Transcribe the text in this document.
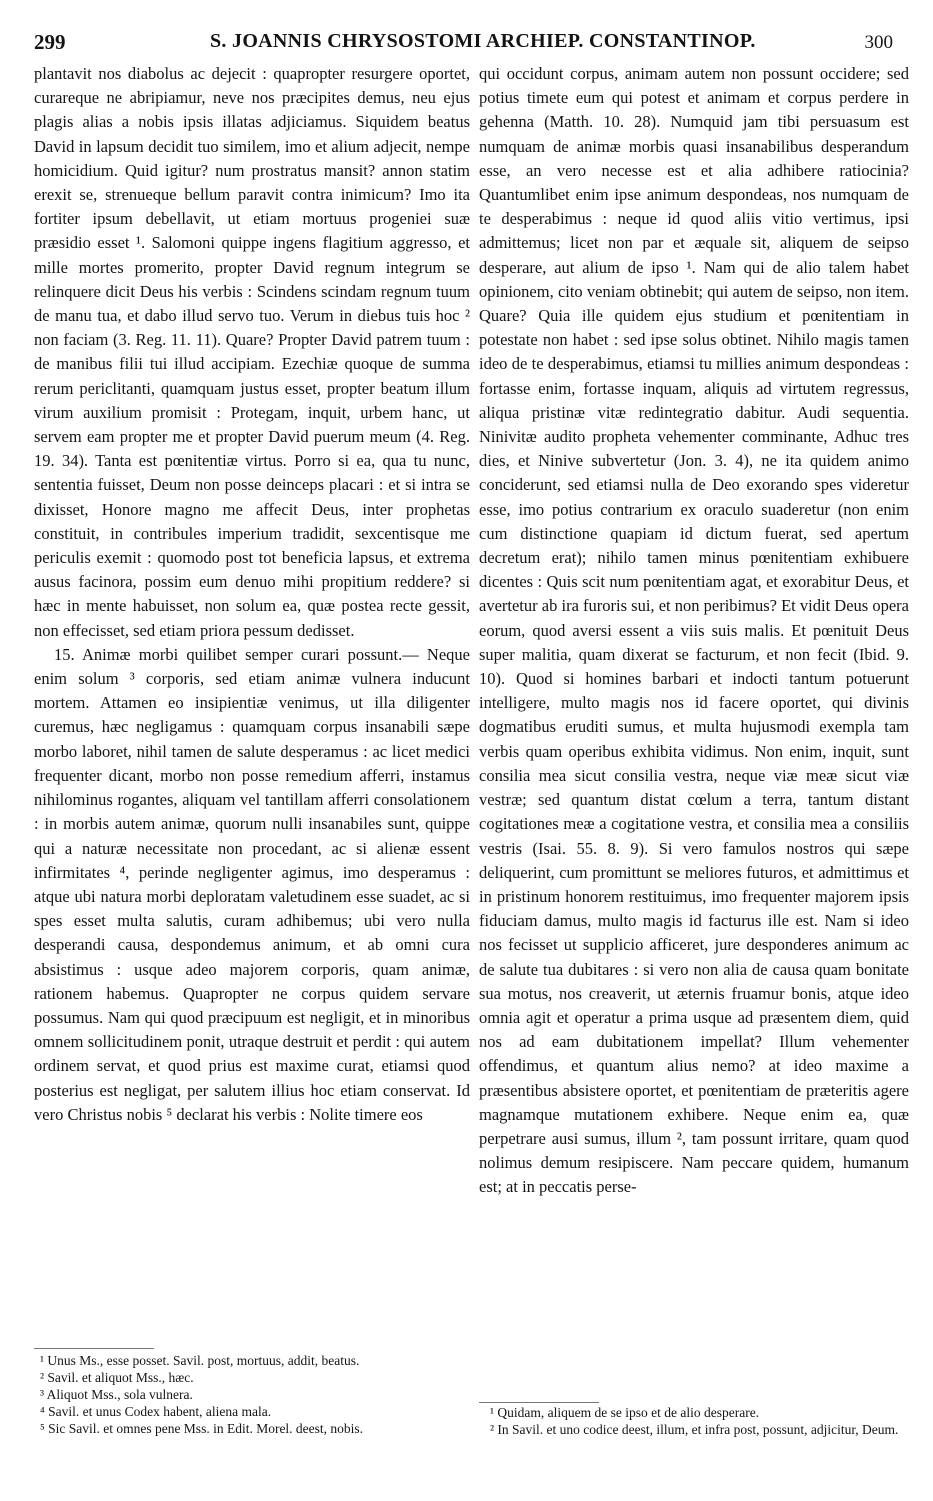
299	S. JOANNIS CHRYSOSTOMI ARCHIEP. CONSTANTINOP.	300

plantavit nos diabolus ac dejecit : quapropter resurgere oportet, curareque ne abripiamur, neve nos præcipites demus, neu ejus plagis alias a nobis ipsis illatas adjiciamus. Siquidem beatus David in lapsum decidit tuo similem, imo et alium adjecit, nempe homicidium. Quid igitur? num prostratus mansit? annon statim erexit se, strenueque bellum paravit contra inimicum? Imo ita fortiter ipsum debellavit, ut etiam mortuus progeniei suæ præsidio esset ¹. Salomoni quippe ingens flagitium aggresso, et mille mortes promerito, propter David regnum integrum se relinquere dicit Deus his verbis : Scindens scindam regnum tuum de manu tua, et dabo illud servo tuo. Verum in diebus tuis hoc ² non faciam (3. Reg. 11. 11). Quare? Propter David patrem tuum : de manibus filii tui illud accipiam. Ezechiæ quoque de summa rerum periclitanti, quamquam justus esset, propter beatum illum virum auxilium promisit : Protegam, inquit, urbem hanc, ut servem eam propter me et propter David puerum meum (4. Reg. 19. 34). Tanta est pœnitentiæ virtus. Porro si ea, qua tu nunc, sententia fuisset, Deum non posse deinceps placari : et si intra se dixisset, Honore magno me affecit Deus, inter prophetas constituit, in contribules imperium tradidit, sexcentisque me periculis exemit : quomodo post tot beneficia lapsus, et extrema ausus facinora, possim eum denuo mihi propitium reddere? si hæc in mente habuisset, non solum ea, quæ postea recte gessit, non effecisset, sed etiam priora pessum dedisset.

15. Animæ morbi quilibet semper curari possunt.— Neque enim solum ³ corporis, sed etiam animæ vulnera inducunt mortem. Attamen eo insipientiæ venimus, ut illa diligenter curemus, hæc negligamus : quamquam corpus insanabili sæpe morbo laboret, nihil tamen de salute desperamus : ac licet medici frequenter dicant, morbo non posse remedium afferri, instamus nihilominus rogantes, aliquam vel tantillam afferri consolationem : in morbis autem animæ, quorum nulli insanabiles sunt, quippe qui a naturæ necessitate non procedant, ac si alienæ essent infirmitates ⁴, perinde negligenter agimus, imo desperamus : atque ubi natura morbi deploratam valetudinem esse suadet, ac si spes esset multa salutis, curam adhibemus; ubi vero nulla desperandi causa, despondemus animum, et ab omni cura absistimus : usque adeo majorem corporis, quam animæ, rationem habemus. Quapropter ne corpus quidem servare possumus. Nam qui quod præcipuum est negligit, et in minoribus omnem sollicitudinem ponit, utraque destruit et perdit : qui autem ordinem servat, et quod prius est maxime curat, etiamsi quod posterius est negligat, per salutem illius hoc etiam conservat. Id vero Christus nobis ⁵ declarat his verbis : Nolite timere eos

qui occidunt corpus, animam autem non possunt occidere; sed potius timete eum qui potest et animam et corpus perdere in gehenna (Matth. 10. 28). Numquid jam tibi persuasum est numquam de animæ morbis quasi insanabilibus desperandum esse, an vero necesse est et alia adhibere ratiocinia? Quantumlibet enim ipse animum despondeas, nos numquam de te desperabimus : neque id quod aliis vitio vertimus, ipsi admittemus; licet non par et æquale sit, aliquem de seipso desperare, aut alium de ipso ¹. Nam qui de alio talem habet opinionem, cito veniam obtinebit; qui autem de seipso, non item. Quare? Quia ille quidem ejus studium et pœnitentiam in potestate non habet : sed ipse solus obtinet. Nihilo magis tamen ideo de te desperabimus, etiamsi tu millies animum despondeas : fortasse enim, fortasse inquam, aliquis ad virtutem regressus, aliqua pristinæ vitæ redintegratio dabitur. Audi sequentia. Ninivitæ audito propheta vehementer comminante, Adhuc tres dies, et Ninive subvertetur (Jon. 3. 4), ne ita quidem animo conciderunt, sed etiamsi nulla de Deo exorando spes videretur esse, imo potius contrarium ex oraculo suaderetur (non enim cum distinctione quapiam id dictum fuerat, sed apertum decretum erat); nihilo tamen minus pœnitentiam exhibuere dicentes : Quis scit num pœnitentiam agat, et exorabitur Deus, et avertetur ab ira furoris sui, et non peribimus? Et vidit Deus opera eorum, quod aversi essent a viis suis malis. Et pœnituit Deus super malitia, quam dixerat se facturum, et non fecit (Ibid. 9. 10). Quod si homines barbari et indocti tantum potuerunt intelligere, multo magis nos id facere oportet, qui divinis dogmatibus eruditi sumus, et multa hujusmodi exempla tam verbis quam operibus exhibita vidimus. Non enim, inquit, sunt consilia mea sicut consilia vestra, neque viæ meæ sicut viæ vestræ; sed quantum distat cœlum a terra, tantum distant cogitationes meæ a cogitatione vestra, et consilia mea a consiliis vestris (Isai. 55. 8. 9). Si vero famulos nostros qui sæpe deliquerint, cum promittunt se meliores futuros, et admittimus et in pristinum honorem restituimus, imo frequenter majorem ipsis fiduciam damus, multo magis id facturus ille est. Nam si ideo nos fecisset ut supplicio afficeret, jure desponderes animum ac de salute tua dubitares : si vero non alia de causa quam bonitate sua motus, nos creaverit, ut æternis fruamur bonis, atque ideo omnia agit et operatur a prima usque ad præsentem diem, quid nos ad eam dubitationem impellat? Illum vehementer offendimus, et quantum alius nemo? at ideo maxime a præsentibus absistere oportet, et pœnitentiam de præteritis agere magnamque mutationem exhibere. Neque enim ea, quæ perpetrare ausi sumus, illum ², tam possunt irritare, quam quod nolimus demum resipiscere. Nam peccare quidem, humanum est; at in peccatis perse-

¹ Unus Ms., esse posset. Savil. post, mortuus, addit, beatus.

² Savil. et aliquot Mss., hæc.

³ Aliquot Mss., sola vulnera.

⁴ Savil. et unus Codex habent, aliena mala.

⁵ Sic Savil. et omnes pene Mss. in Edit. Morel. deest, nobis.

¹ Quidam, aliquem de se ipso et de alio desperare.

² In Savil. et uno codice deest, illum, et infra post, possunt, adjicitur, Deum.
